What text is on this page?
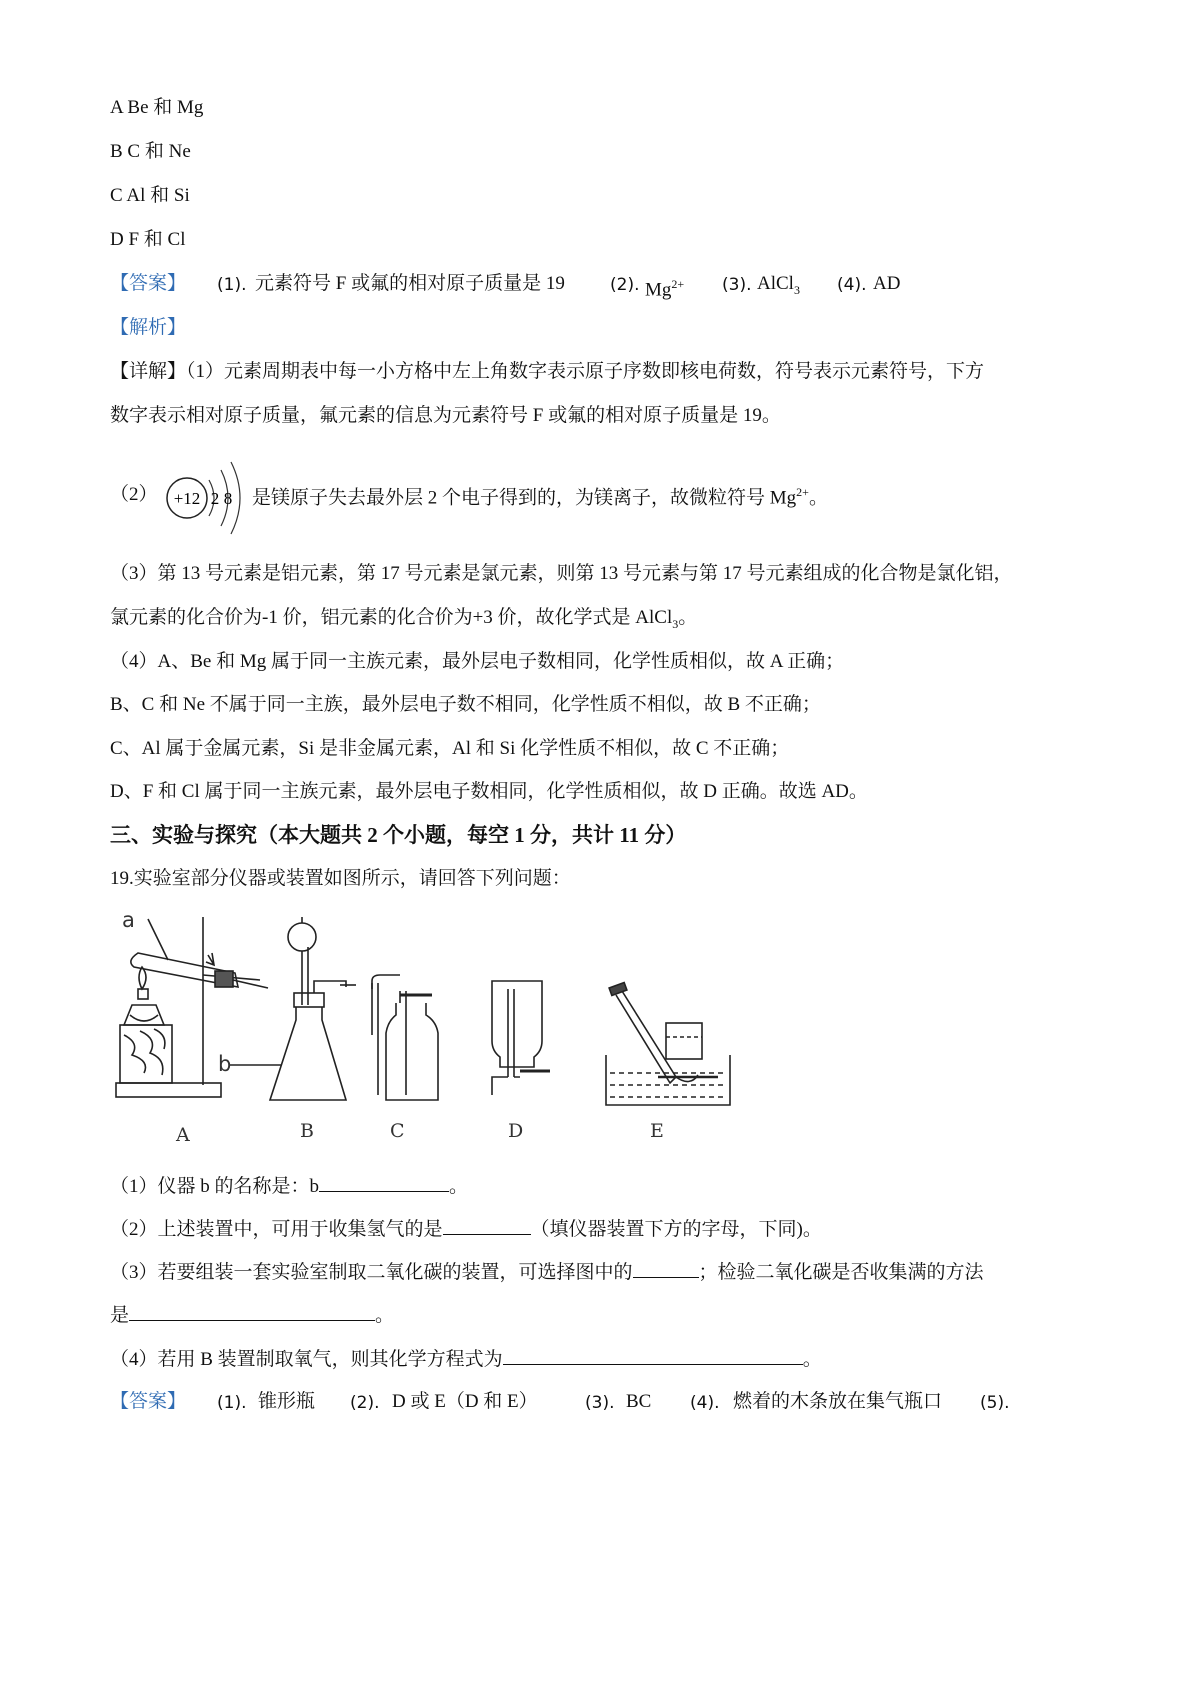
A Be 和 Mg
B C 和 Ne
C Al 和 Si
D F 和 Cl
【答案】 (1). 元素符号 F 或氟的相对原子质量是 19	(2). $Mg^{2+}$ (3). AlCl$_3$ (4). AD
【解析】
【详解】（1）元素周期表中每一小方格中左上角数字表示原子序数即核电荷数，符号表示元素符号，下方
数字表示相对原子质量，氟元素的信息为元素符号 F 或氟的相对原子质量是 19。
（2） +12 2 8 是镁原子失去最外层 2 个电子得到的，为镁离子，故微粒符号 $Mg^{2+}$。
（3）第 13 号元素是铝元素，第 17 号元素是氯元素，则第 13 号元素与第 17 号元素组成的化合物是氯化铝，
氯元素的化合价为-1 价，铝元素的化合价为+3 价，故化学式是 AlCl$_3$。
（4）A、Be 和 Mg 属于同一主族元素，最外层电子数相同，化学性质相似，故 A 正确；
B、C 和 Ne 不属于同一主族，最外层电子数不相同，化学性质不相似，故 B 不正确；
C、Al 属于金属元素，Si 是非金属元素，Al 和 Si 化学性质不相似，故 C 不正确；
D、F 和 Cl 属于同一主族元素，最外层电子数相同，化学性质相似，故 D 正确。故选 AD。
三、实验与探究（本大题共 2 个小题，每空 1 分，共计 11 分）
19.实验室部分仪器或装置如图所示，请回答下列问题：
a
b
A	B	C	D	E
（1）仪器 b 的名称是：b	。
（2）上述装置中，可用于收集氢气的是	（填仪器装置下方的字母，下同)。
（3）若要组装一套实验室制取二氧化碳的装置，可选择图中的	；检验二氧化碳是否收集满的方法
是	。
（4）若用 B 装置制取氧气，则其化学方程式为	。
【答案】 (1). 锥形瓶 (2). D 或 E（D 和 E）	(3). BC (4). 燃着的木条放在集气瓶口 (5).
